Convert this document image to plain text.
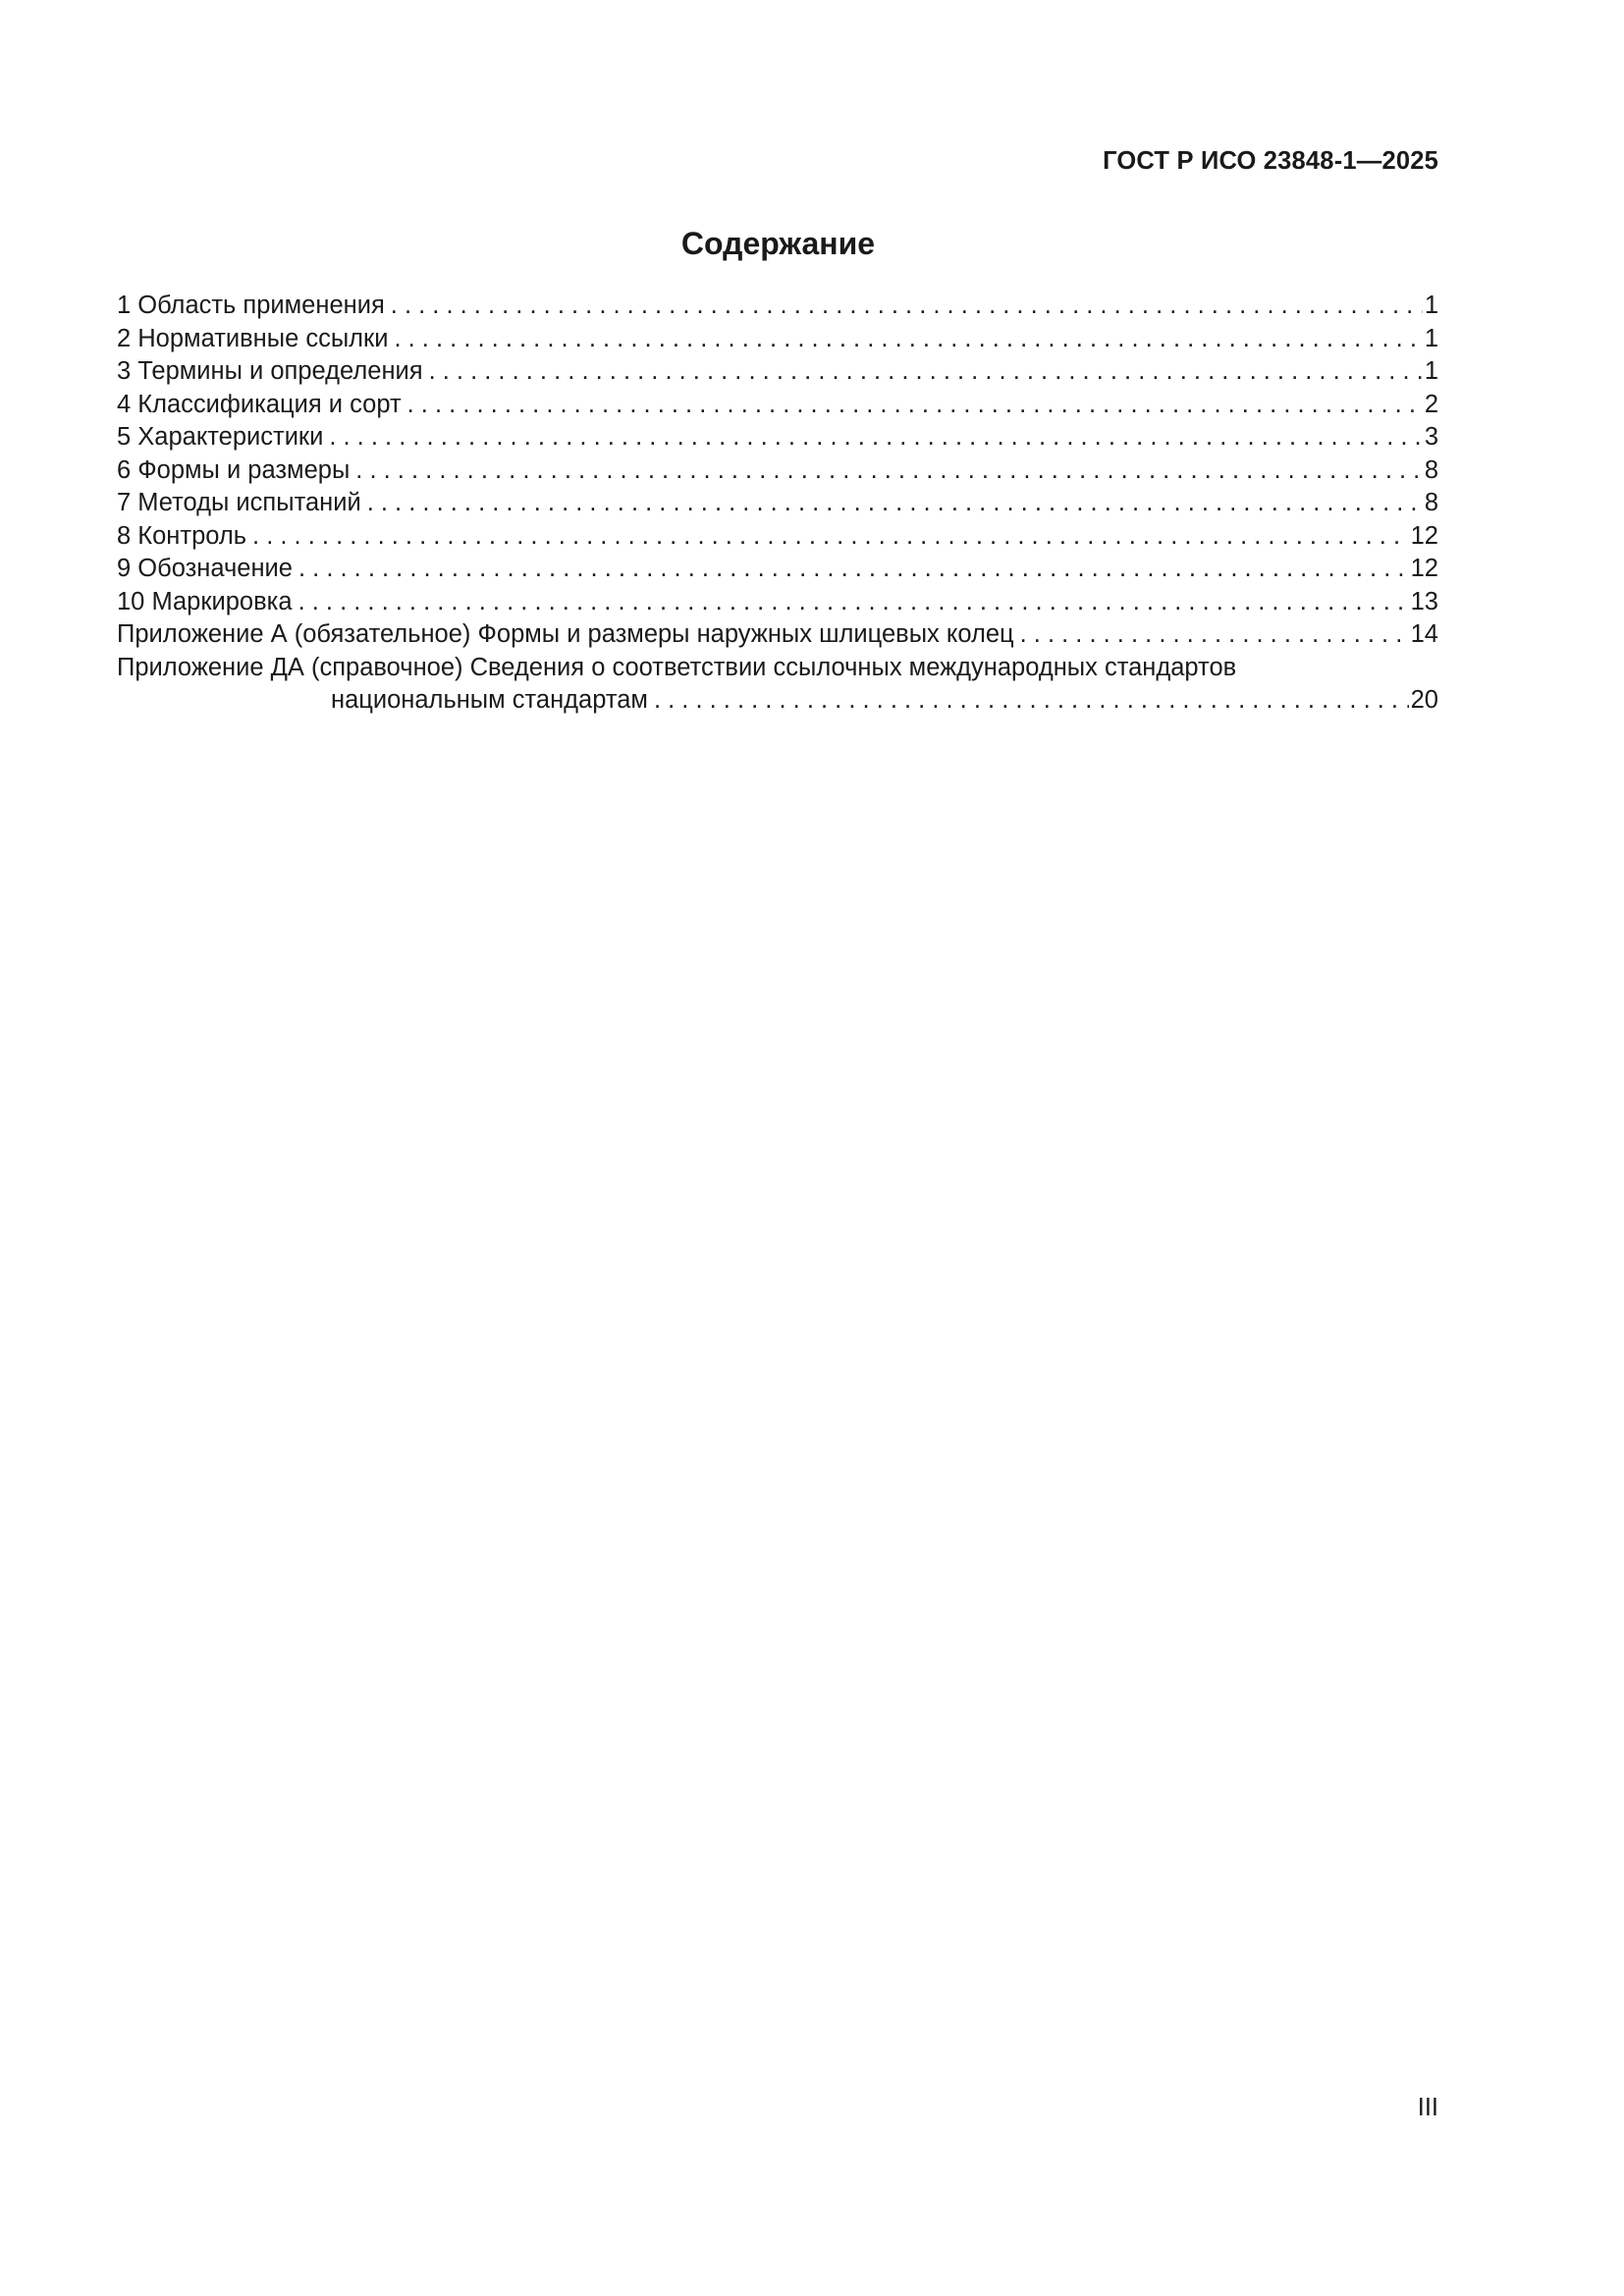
ГОСТ Р ИСО 23848-1—2025
Содержание
1 Область применения . . .	1
2 Нормативные ссылки . . .	1
3 Термины и определения . . .	1
4 Классификация и сорт . . .	2
5 Характеристики . . .	3
6 Формы и размеры . . .	8
7 Методы испытаний . . .	8
8 Контроль . . .	12
9 Обозначение . . .	12
10 Маркировка . . .	13
Приложение А (обязательное) Формы и размеры наружных шлицевых колец . . .	14
Приложение ДА (справочное) Сведения о соответствии ссылочных международных стандартов
национальным стандартам . . .	20
III
